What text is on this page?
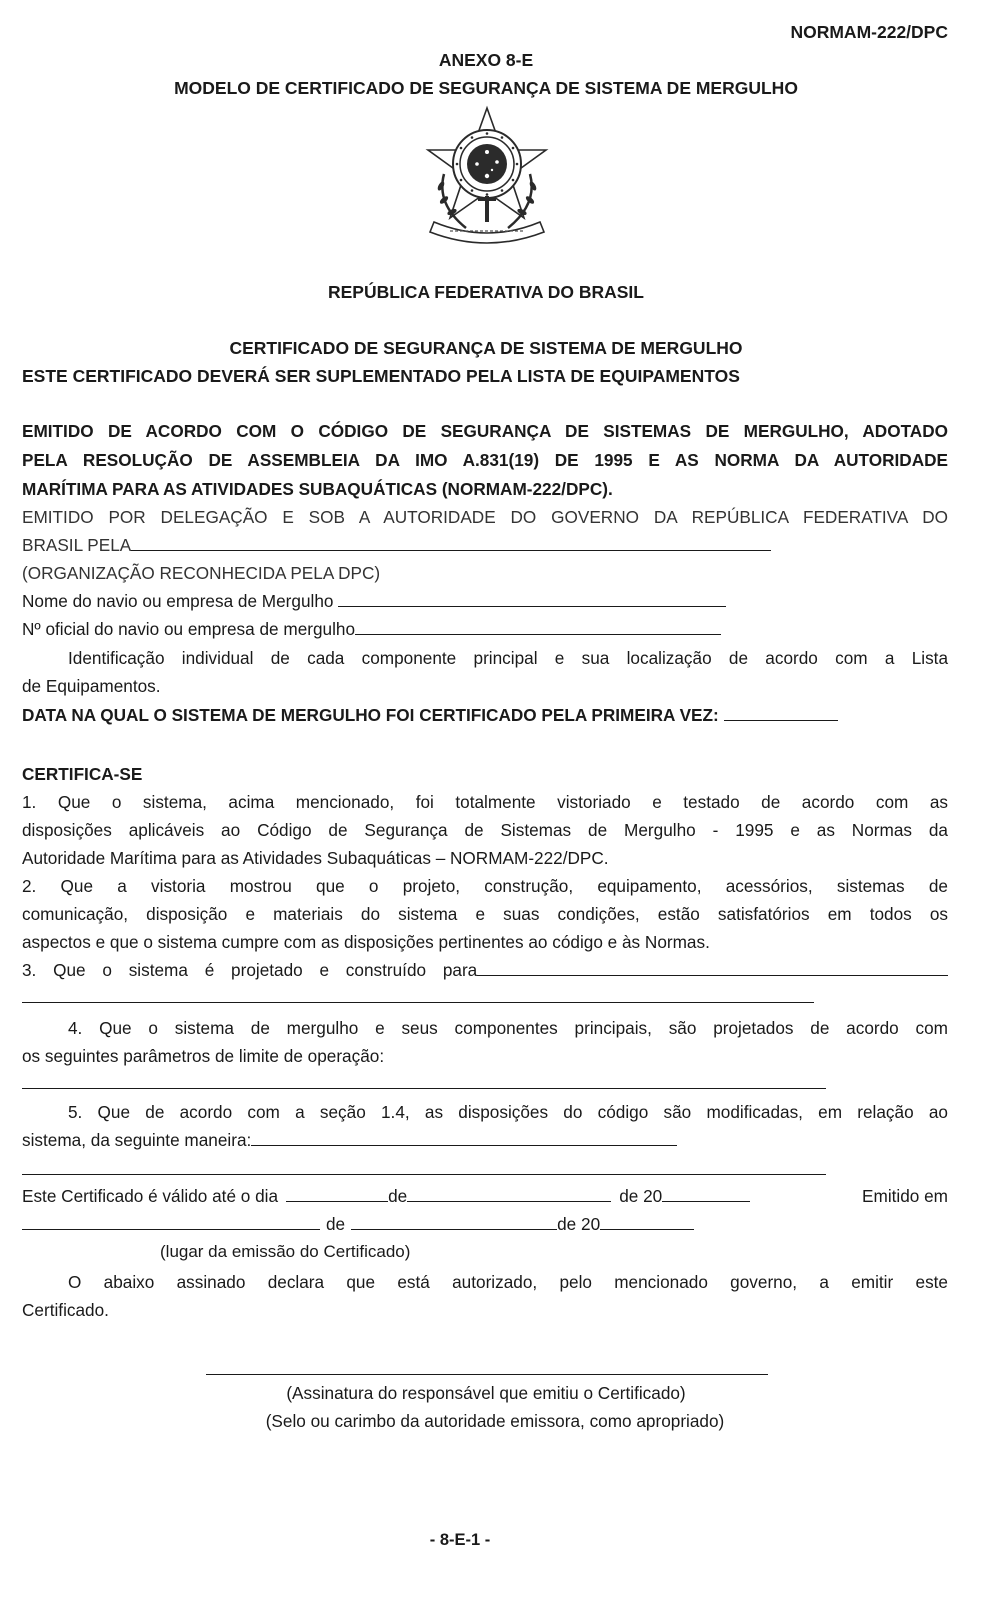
NORMAM-222/DPC
ANEXO 8-E
MODELO DE CERTIFICADO DE SEGURANÇA DE SISTEMA DE MERGULHO
REPÚBLICA FEDERATIVA DO BRASIL
CERTIFICADO DE SEGURANÇA DE SISTEMA DE MERGULHO
ESTE CERTIFICADO DEVERÁ SER SUPLEMENTADO PELA LISTA DE EQUIPAMENTOS
EMITIDO DE ACORDO COM O CÓDIGO DE SEGURANÇA DE SISTEMAS DE MERGULHO, ADOTADO
PELA RESOLUÇÃO DE ASSEMBLEIA DA IMO A.831(19) DE 1995 E AS NORMA DA AUTORIDADE
MARÍTIMA PARA AS ATIVIDADES SUBAQUÁTICAS (NORMAM-222/DPC).
EMITIDO POR DELEGAÇÃO E SOB A AUTORIDADE DO GOVERNO DA REPÚBLICA FEDERATIVA DO
BRASIL PELA
(ORGANIZAÇÃO RECONHECIDA PELA DPC)
Nome do navio ou empresa de Mergulho
Nº oficial do navio ou empresa de mergulho
Identificação individual de cada componente principal e sua localização de acordo com a Lista
de Equipamentos.
DATA NA QUAL O SISTEMA DE MERGULHO FOI CERTIFICADO PELA PRIMEIRA VEZ:
CERTIFICA-SE
1. Que o sistema, acima mencionado, foi totalmente vistoriado e testado de acordo com as
disposições aplicáveis ao Código de Segurança de Sistemas de Mergulho - 1995 e as Normas da
Autoridade Marítima para as Atividades Subaquáticas – NORMAM-222/DPC.
2. Que a vistoria mostrou que o projeto, construção, equipamento, acessórios, sistemas de
comunicação, disposição e materiais do sistema e suas condições, estão satisfatórios em todos os
aspectos e que o sistema cumpre com as disposições pertinentes ao código e às Normas.
3. Que o sistema é projetado e construído para
4. Que o sistema de mergulho e seus componentes principais, são projetados de acordo com
os seguintes parâmetros de limite de operação:
5. Que de acordo com a seção 1.4, as disposições do código são modificadas, em relação ao
sistema, da seguinte maneira:
Este Certificado é válido até o dia	de	de 20	Emitido em
de	de 20
(lugar da emissão do Certificado)
O abaixo assinado declara que está autorizado, pelo mencionado governo, a emitir este
Certificado.
(Assinatura do responsável que emitiu o Certificado)
(Selo ou carimbo da autoridade emissora, como apropriado)
- 8-E-1 -
